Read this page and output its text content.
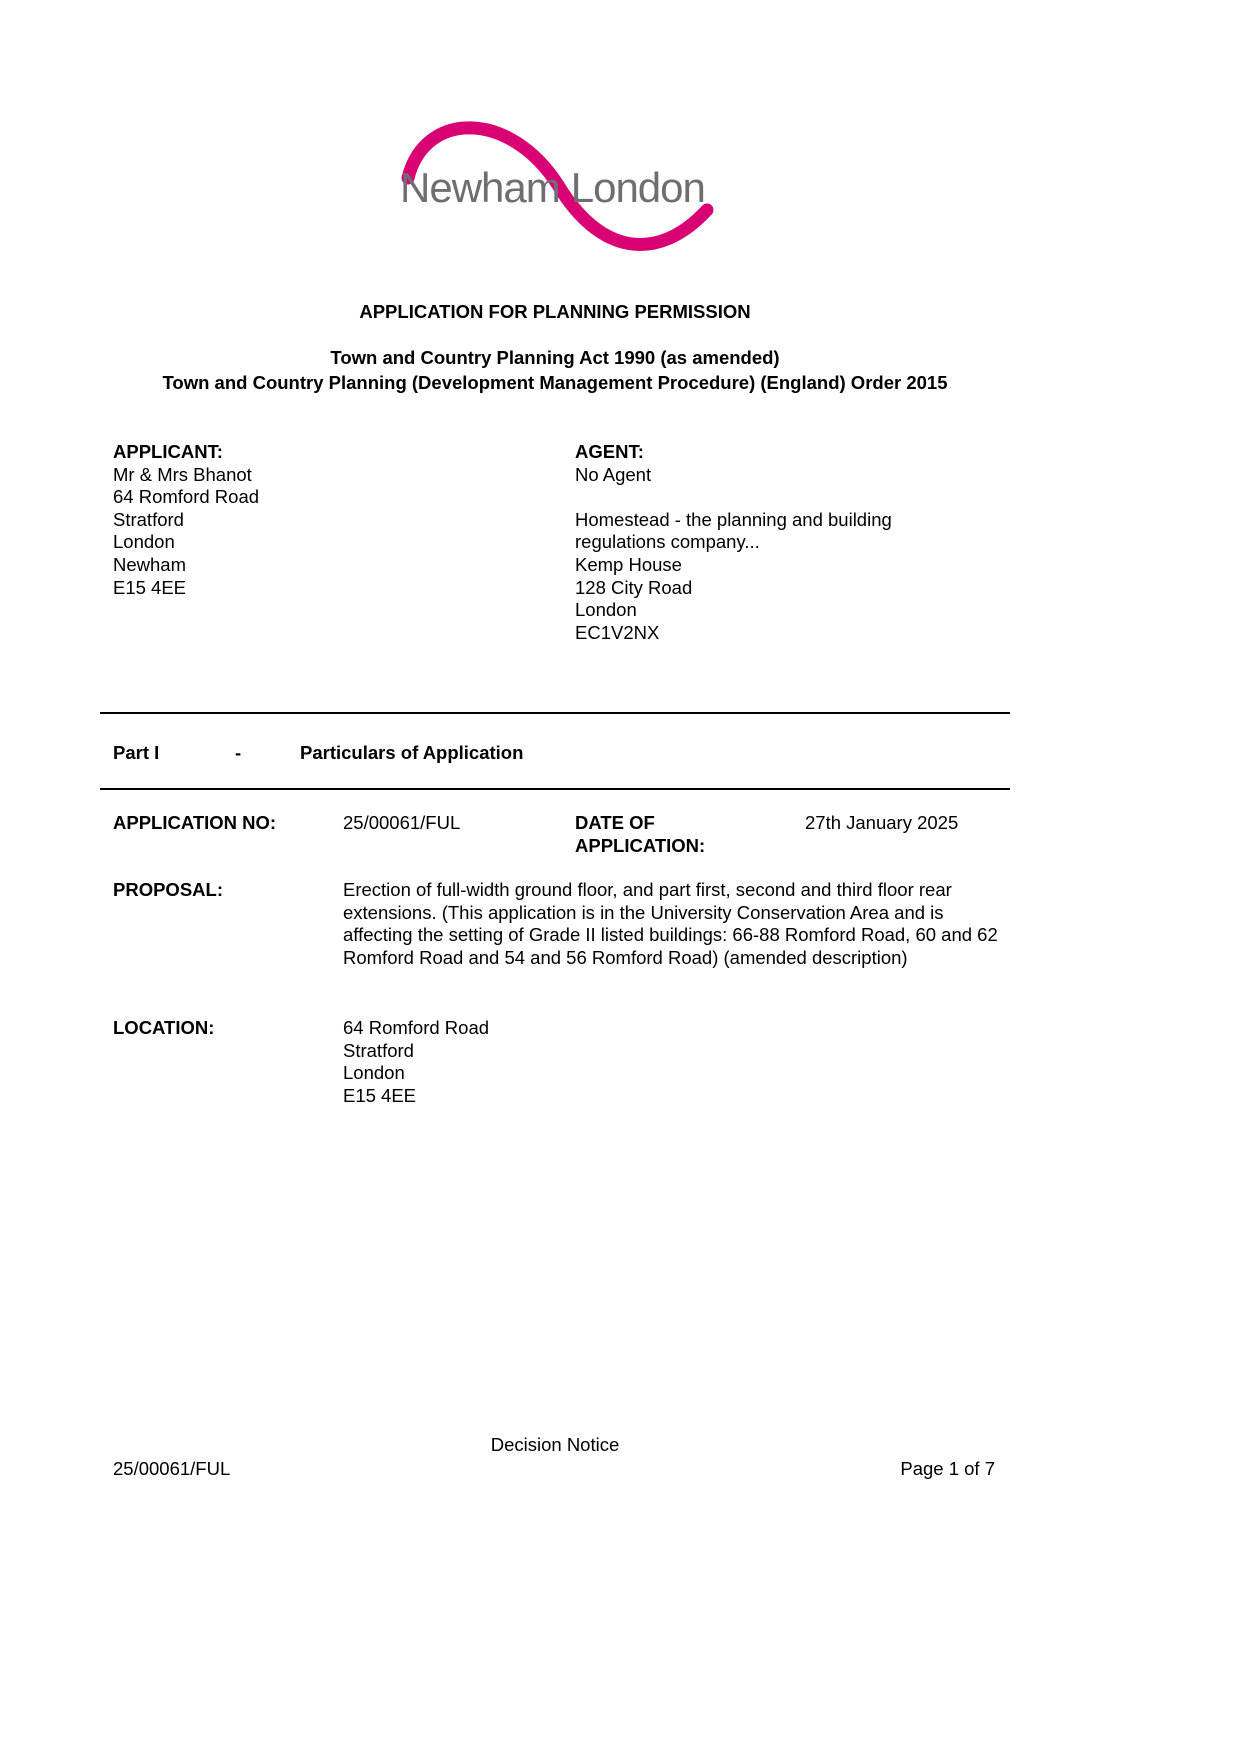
Newham London
APPLICATION FOR PLANNING PERMISSION
Town and Country Planning Act 1990 (as amended)
Town and Country Planning (Development Management Procedure) (England) Order 2015
APPLICANT:
Mr & Mrs Bhanot
64 Romford Road
Stratford
London
Newham
E15 4EE
AGENT:
No Agent
Homestead - the planning and building regulations company...
Kemp House
128 City Road
London
EC1V2NX
Part I	-	Particulars of Application
APPLICATION NO:	25/00061/FUL	DATE OF APPLICATION:
27th January 2025
PROPOSAL:	Erection of full-width ground floor, and part first, second and third floor rear extensions. (This application is in the University Conservation Area and is affecting the setting of Grade II listed buildings: 66-88 Romford Road, 60 and 62 Romford Road and 54 and 56 Romford Road) (amended description)
LOCATION:	64 Romford Road
Stratford
London
E15 4EE
Decision Notice
25/00061/FUL	Page 1 of 7
